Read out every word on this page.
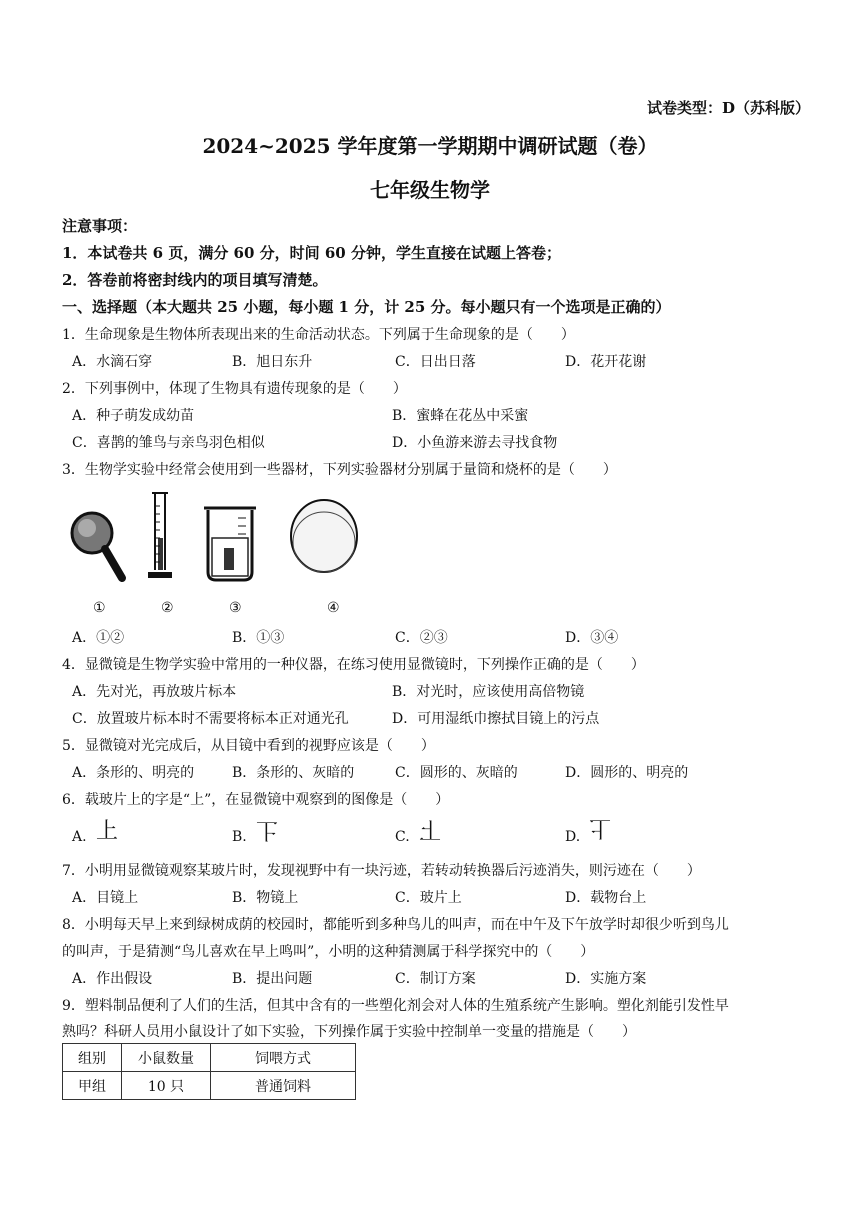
试卷类型：D（苏科版）
2024~2025 学年度第一学期期中调研试题（卷）
七年级生物学
注意事项：
1．本试卷共 6 页，满分 60 分，时间 60 分钟，学生直接在试题上答卷；
2．答卷前将密封线内的项目填写清楚。
一、选择题（本大题共 25 小题，每小题 1 分，计 25 分。每小题只有一个选项是正确的）
1．生命现象是生物体所表现出来的生命活动状态。下列属于生命现象的是（　　）
A．水滴石穿	B．旭日东升	C．日出日落	D．花开花谢
2．下列事例中，体现了生物具有遗传现象的是（　　）
A．种子萌发成幼苗	B．蜜蜂在花丛中采蜜
C．喜鹊的雏鸟与亲鸟羽色相似	D．小鱼游来游去寻找食物
3．生物学实验中经常会使用到一些器材，下列实验器材分别属于量筒和烧杯的是（　　）
①	②	③	④
A．①②	B．①③	C．②③	D．③④
4．显微镜是生物学实验中常用的一种仪器，在练习使用显微镜时，下列操作正确的是（　　）
A．先对光，再放玻片标本	B．对光时，应该使用高倍物镜
C．放置玻片标本时不需要将标本正对通光孔	D．可用湿纸巾擦拭目镜上的污点
5．显微镜对光完成后，从目镜中看到的视野应该是（　　）
A．条形的、明亮的	B．条形的、灰暗的	C．圆形的、灰暗的	D．圆形的、明亮的
6．载玻片上的字是“上”，在显微镜中观察到的图像是（　　）
A. 上	B. 上	C. 上	D. 上
7．小明用显微镜观察某玻片时，发现视野中有一块污迹，若转动转换器后污迹消失，则污迹在（　　）
A．目镜上	B．物镜上	C．玻片上	D．载物台上
8．小明每天早上来到绿树成荫的校园时，都能听到多种鸟儿的叫声，而在中午及下午放学时却很少听到鸟儿
的叫声，于是猜测“鸟儿喜欢在早上鸣叫”，小明的这种猜测属于科学探究中的（　　）
A．作出假设	B．提出问题	C．制订方案	D．实施方案
9．塑料制品便利了人们的生活，但其中含有的一些塑化剂会对人体的生殖系统产生影响。塑化剂能引发性早
熟吗？科研人员用小鼠设计了如下实验，下列操作属于实验中控制单一变量的措施是（　　）
组别	小鼠数量	饲喂方式
甲组	10 只	普通饲料
